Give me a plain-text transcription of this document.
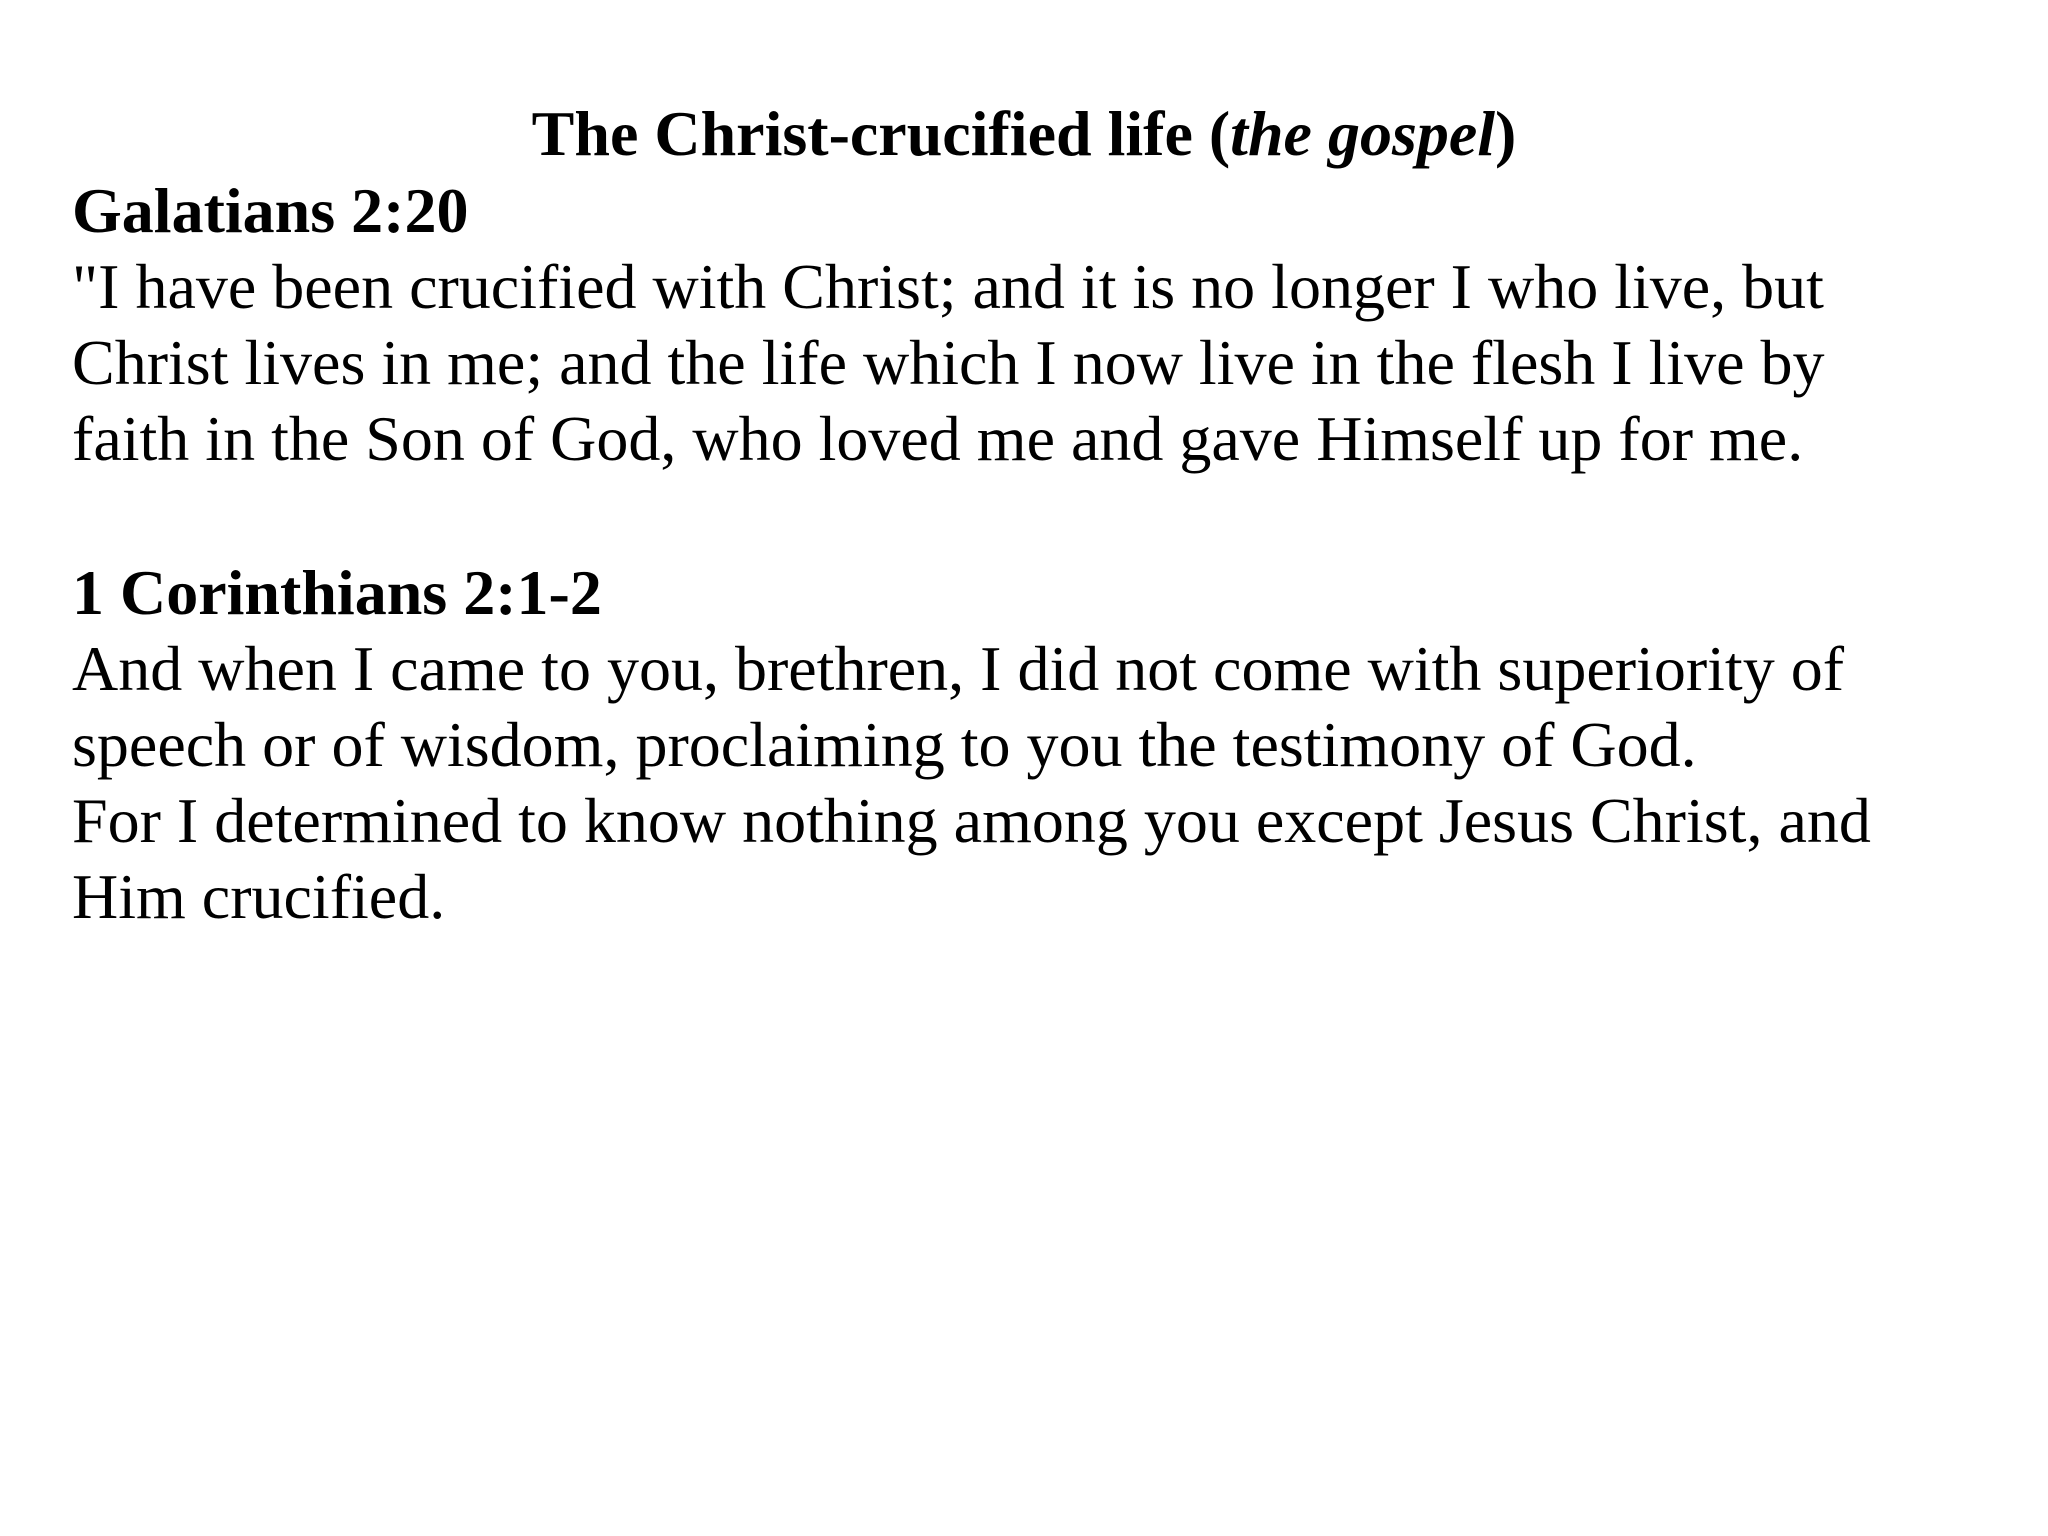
The Christ-crucified life (the gospel)
Galatians 2:20
"I have been crucified with Christ; and it is no longer I who live, but
Christ lives in me; and the life which I now live in the flesh I live by
faith in the Son of God, who loved me and gave Himself up for me.
1 Corinthians 2:1-2
And when I came to you, brethren, I did not come with superiority of
speech or of wisdom, proclaiming to you the testimony of God.
For I determined to know nothing among you except Jesus Christ, and
Him crucified.
